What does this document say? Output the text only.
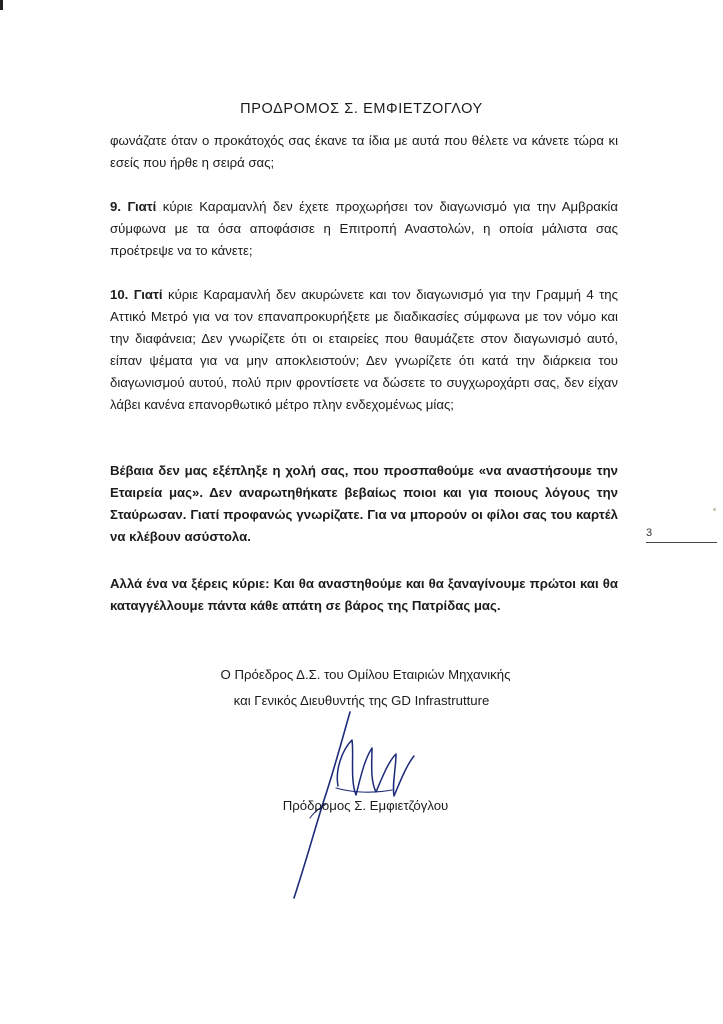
ΠΡΟΔΡΟΜΟΣ Σ. ΕΜΦΙΕΤΖΟΓΛΟΥ

φωνάζατε όταν ο προκάτοχός σας έκανε τα ίδια με αυτά που θέλετε να κάνετε τώρα κι εσείς που ήρθε η σειρά σας;

9. Γιατί κύριε Καραμανλή δεν έχετε προχωρήσει τον διαγωνισμό για την Αμβρακία σύμφωνα με τα όσα αποφάσισε η Επιτροπή Αναστολών, η οποία μάλιστα σας προέτρεψε να το κάνετε;

10. Γιατί κύριε Καραμανλή δεν ακυρώνετε και τον διαγωνισμό για την Γραμμή 4 της Αττικό Μετρό για να τον επαναπροκυρήξετε με διαδικασίες σύμφωνα με τον νόμο και την διαφάνεια; Δεν γνωρίζετε ότι οι εταιρείες που θαυμάζετε στον διαγωνισμό αυτό, είπαν ψέματα για να μην αποκλειστούν; Δεν γνωρίζετε ότι κατά την διάρκεια του διαγωνισμού αυτού, πολύ πριν φροντίσετε να δώσετε το συγχωροχάρτι σας, δεν είχαν λάβει κανένα επανορθωτικό μέτρο πλην ενδεχομένως μίας;

Βέβαια δεν μας εξέπληξε η χολή σας, που προσπαθούμε «να αναστήσουμε την Εταιρεία μας». Δεν αναρωτηθήκατε βεβαίως ποιοι και για ποιους λόγους την Σταύρωσαν. Γιατί προφανώς γνωρίζατε. Για να μπορούν οι φίλοι σας του καρτέλ να κλέβουν ασύστολα.

Αλλά ένα να ξέρεις κύριε: Και θα αναστηθούμε και θα ξαναγίνουμε πρώτοι και θα καταγγέλλουμε πάντα κάθε απάτη σε βάρος της Πατρίδας μας.

3
Ο Πρόεδρος Δ.Σ. του Ομίλου Εταιριών Μηχανικής
και Γενικός Διευθυντής της GD Infrastrutture
Πρόδρομος Σ. Εμφιετζόγλου
